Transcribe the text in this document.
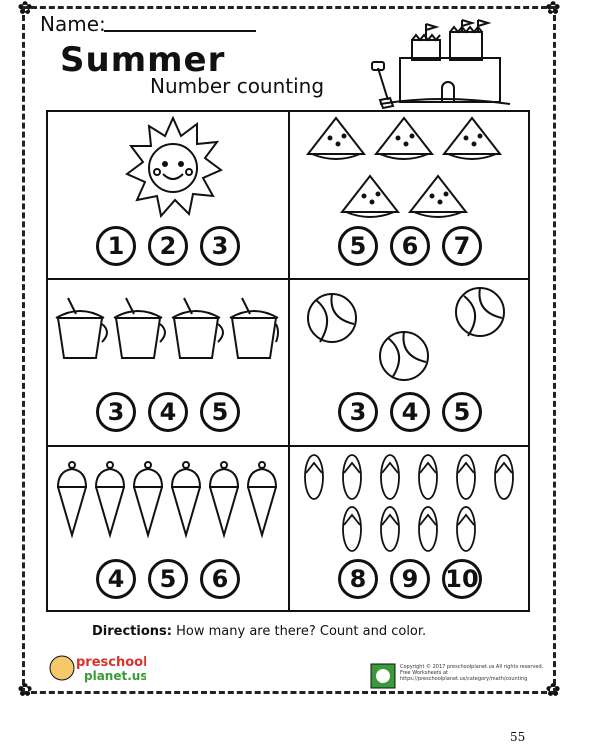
✿	✿
✿	✿
Name:
Summer
Number counting
1	2	3	5	6	7
3	4	5	3	4	5
4	5	6	8	9	10
Directions: How many are there? Count and color.
preschool
planet.us
Copyright © 2017 preschoolplanet.us All rights reserved. Free Worksheets at https://preschoolplanet.us/category/math/counting
55
